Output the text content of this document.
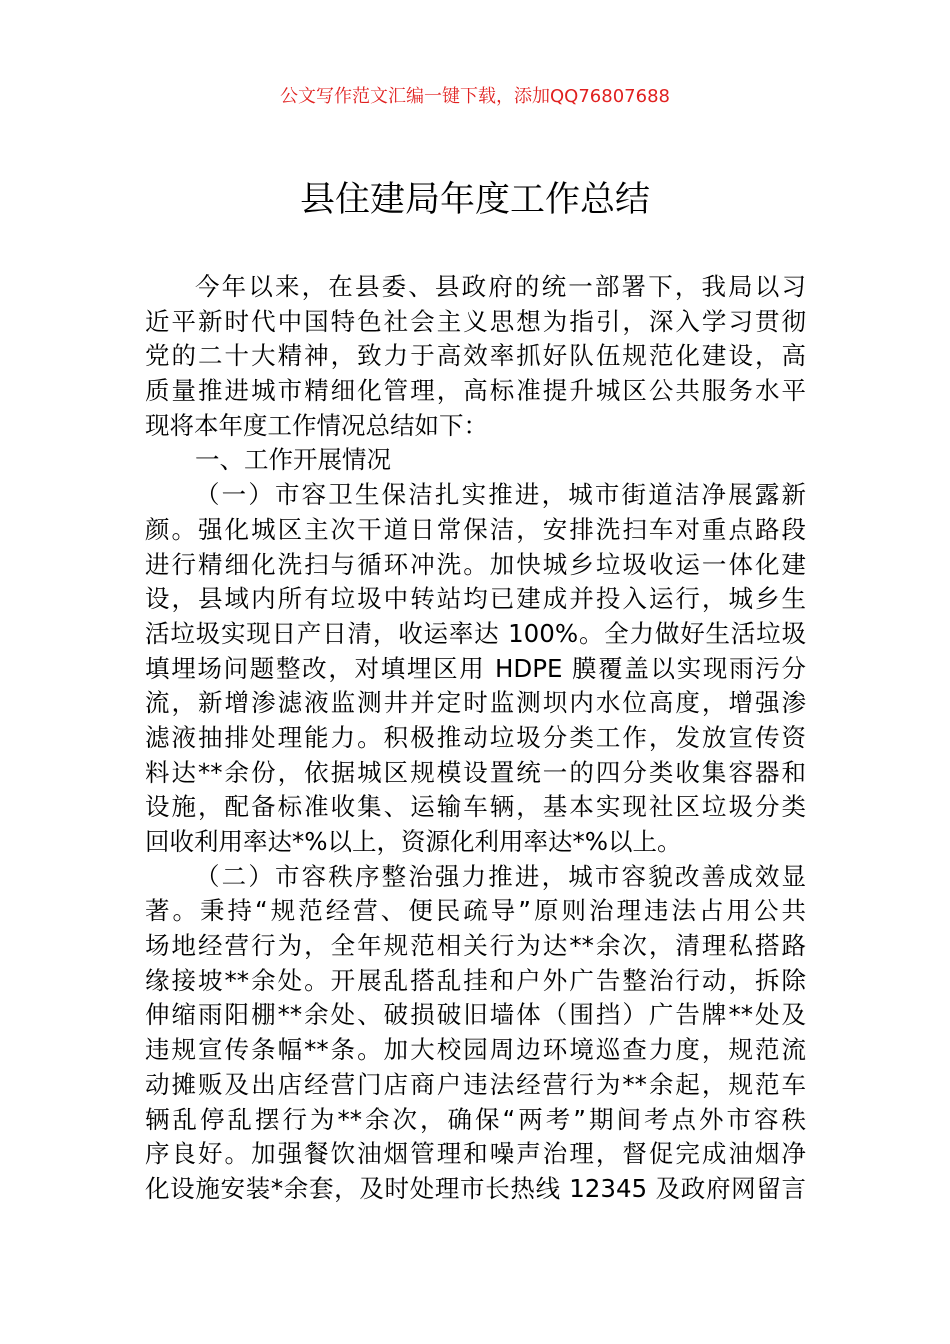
公文写作范文汇编一键下载，添加QQ76807688
县住建局年度工作总结
今年以来，在县委、县政府的统一部署下，我局以习
近平新时代中国特色社会主义思想为指引，深入学习贯彻
党的二十大精神，致力于高效率抓好队伍规范化建设，高
质量推进城市精细化管理，高标准提升城区公共服务水平
现将本年度工作情况总结如下：
一、工作开展情况
（一）市容卫生保洁扎实推进，城市街道洁净展露新
颜。强化城区主次干道日常保洁，安排洗扫车对重点路段
进行精细化洗扫与循环冲洗。加快城乡垃圾收运一体化建
设，县域内所有垃圾中转站均已建成并投入运行，城乡生
活垃圾实现日产日清，收运率达 100%。全力做好生活垃圾
填埋场问题整改，对填埋区用 HDPE 膜覆盖以实现雨污分
流，新增渗滤液监测井并定时监测坝内水位高度，增强渗
滤液抽排处理能力。积极推动垃圾分类工作，发放宣传资
料达**余份，依据城区规模设置统一的四分类收集容器和
设施，配备标准收集、运输车辆，基本实现社区垃圾分类
回收利用率达*%以上，资源化利用率达*%以上。
（二）市容秩序整治强力推进，城市容貌改善成效显
著。秉持“规范经营、便民疏导”原则治理违法占用公共
场地经营行为，全年规范相关行为达**余次，清理私搭路
缘接坡**余处。开展乱搭乱挂和户外广告整治行动，拆除
伸缩雨阳棚**余处、破损破旧墙体（围挡）广告牌**处及
违规宣传条幅**条。加大校园周边环境巡查力度，规范流
动摊贩及出店经营门店商户违法经营行为**余起，规范车
辆乱停乱摆行为**余次，确保“两考”期间考点外市容秩
序良好。加强餐饮油烟管理和噪声治理，督促完成油烟净
化设施安装*余套，及时处理市长热线 12345 及政府网留言
